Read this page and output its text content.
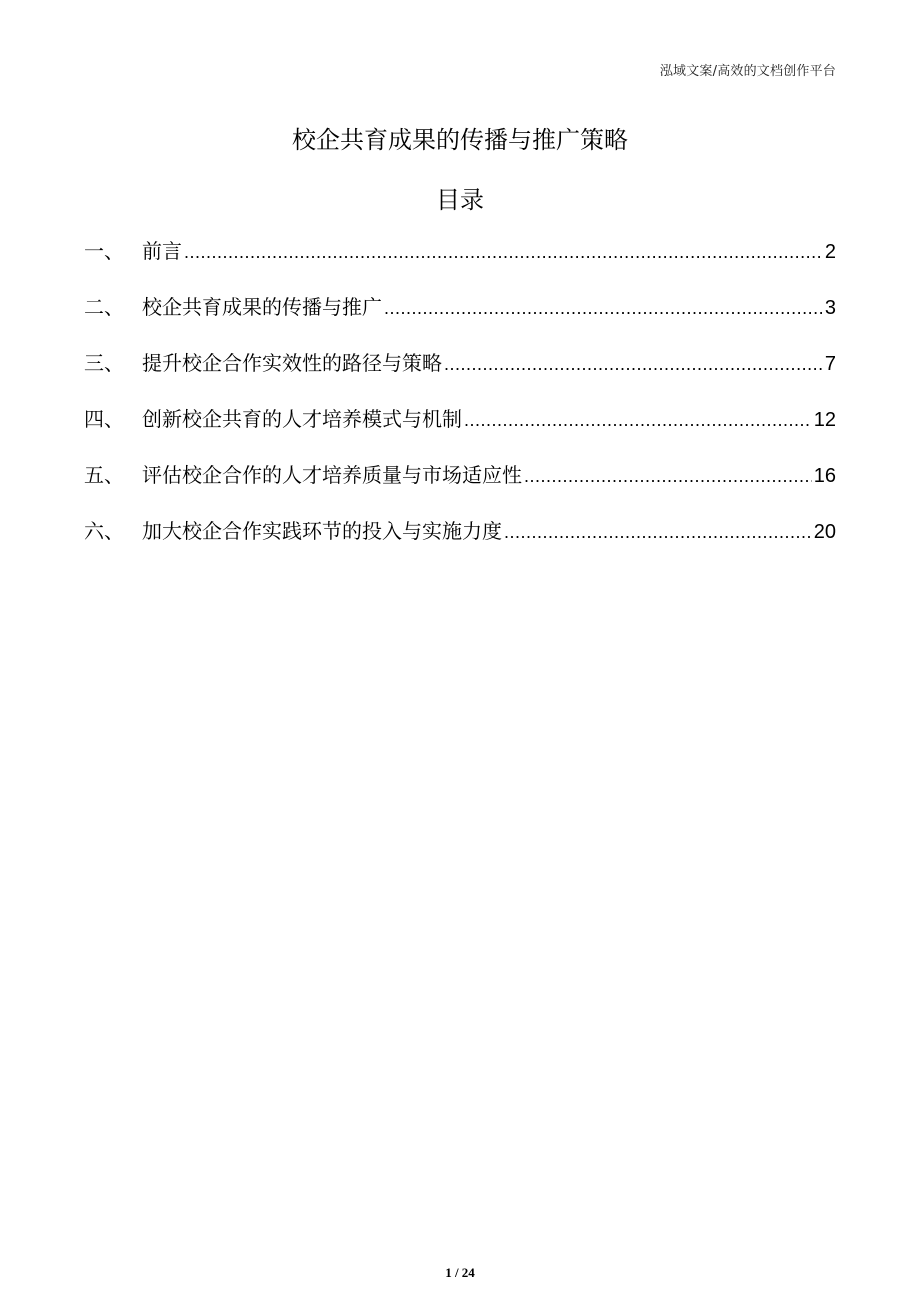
泓域文案/高效的文档创作平台
校企共育成果的传播与推广策略
目录
一、 前言 .....	2
二、 校企共育成果的传播与推广 .....	3
三、 提升校企合作实效性的路径与策略 .....	7
四、 创新校企共育的人才培养模式与机制 .....	12
五、 评估校企合作的人才培养质量与市场适应性 .....	16
六、 加大校企合作实践环节的投入与实施力度 .....	20
1 / 24
